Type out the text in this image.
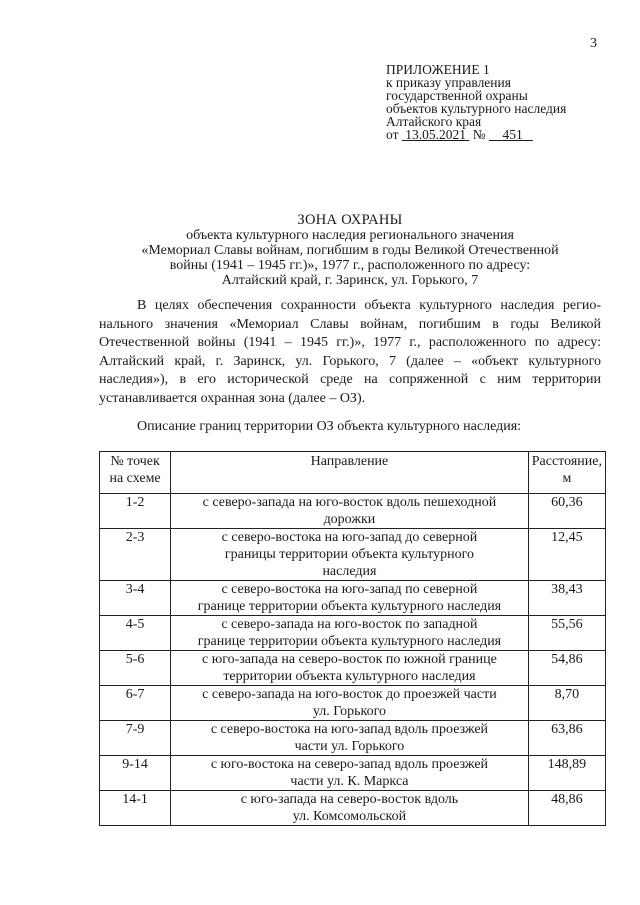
3
ПРИЛОЖЕНИЕ 1
к приказу управления
государственной охраны
объектов культурного наследия
Алтайского края
от 13.05.2021 № 451
ЗОНА ОХРАНЫ
объекта культурного наследия регионального значения
«Мемориал Славы войнам, погибшим в годы Великой Отечественной
войны (1941 – 1945 гг.)», 1977 г., расположенного по адресу:
Алтайский край, г. Заринск, ул. Горького, 7
В целях обеспечения сохранности объекта культурного наследия регио-
нального значения «Мемориал Славы войнам, погибшим в годы Великой
Отечественной войны (1941 – 1945 гг.)», 1977 г., расположенного по адресу:
Алтайский край, г. Заринск, ул. Горького, 7 (далее – «объект культурного
наследия»), в его исторической среде на сопряженной с ним территории
устанавливается охранная зона (далее – ОЗ).
Описание границ территории ОЗ объекта культурного наследия:
№ точек
на схеме	Направление	Расстояние,
м

1-2	с северо-запада на юго-восток вдоль пешеходной
дорожки	60,36
2-3	с северо-востока на юго-запад до северной
границы территории объекта культурного
наследия	12,45
3-4	с северо-востока на юго-запад по северной
границе территории объекта культурного наследия	38,43
4-5	с северо-запада на юго-восток по западной
границе территории объекта культурного наследия	55,56
5-6	с юго-запада на северо-восток по южной границе
территории объекта культурного наследия	54,86
6-7	с северо-запада на юго-восток до проезжей части
ул. Горького	8,70
7-9	с северо-востока на юго-запад вдоль проезжей
части ул. Горького	63,86
9-14	с юго-востока на северо-запад вдоль проезжей
части ул. К. Маркса	148,89
14-1	с юго-запада на северо-восток вдоль
ул. Комсомольской	48,86
